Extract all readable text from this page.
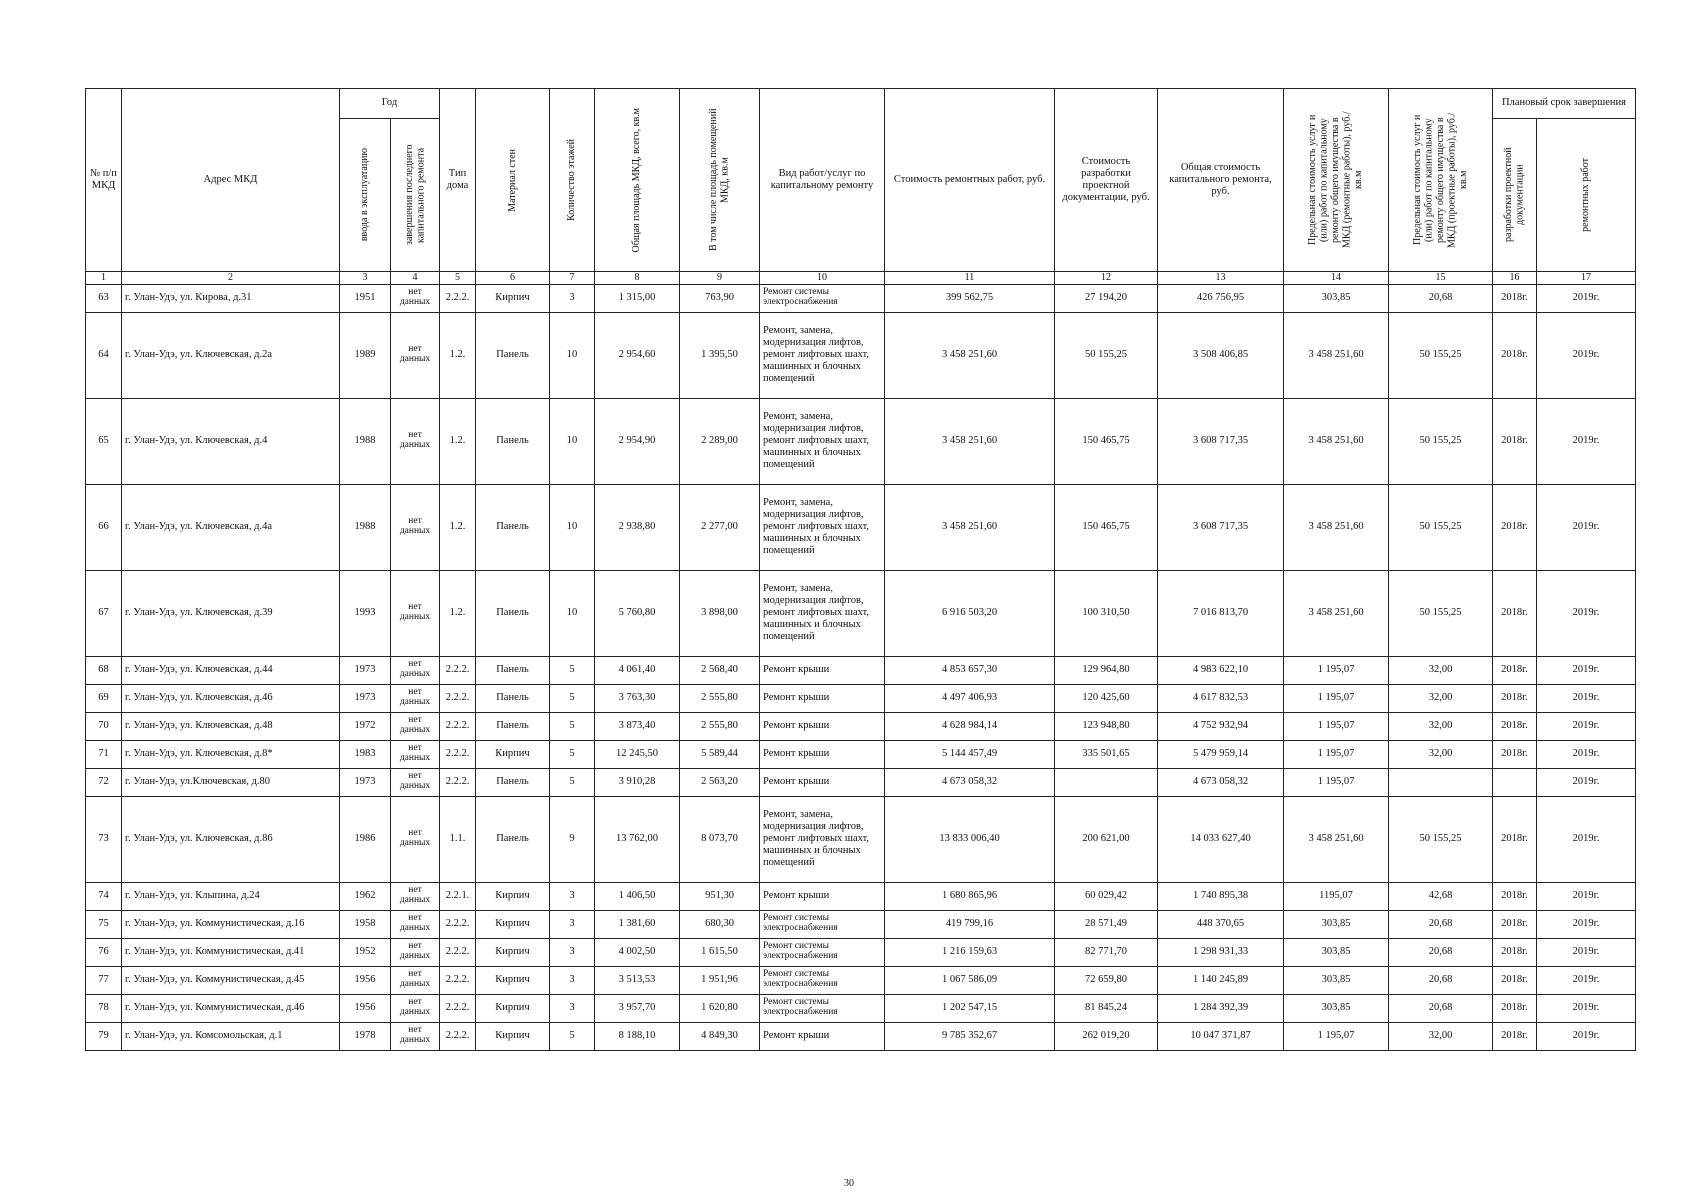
№ п/п МКД	Адрес МКД	Год		Тип дома	Материал стен	Количество этажей	Общая площадь МКД, всего, кв.м	В том числе площадь помещений МКД, кв.м	Вид работ/услуг по капитальному ремонту	Стоимость ремонтных работ, руб.	Стоимость разработки проектной документации, руб.	Общая стоимость капитального ремонта, руб.	Предельная стоимость услуг и (или) работ по капитальному ремонту общего имущества в МКД (ремонтные работы), руб./кв.м	Предельная стоимость услуг и (или) работ по капитальному ремонту общего имущества в МКД (проектные работы), руб./кв.м	Плановый срок завершения	

		ввода в эксплуатацию	завершения последнего капитального ремонта												разработки проектной документации	ремонтных работ

1	2	3	4	5	6	7	8	9	10	11	12	13	14	15	16	17
63	г. Улан-Удэ, ул. Кирова, д.31	1951	нет данных	2.2.2.	Кирпич	3	1 315,00	763,90	Ремонт системы электроснабжения	399 562,75	27 194,20	426 756,95	303,85	20,68	2018г.	2019г.
64	г. Улан-Удэ, ул. Ключевская, д.2а	1989	нет данных	1.2.	Панель	10	2 954,60	1 395,50	Ремонт, замена, модернизация лифтов, ремонт лифтовых шахт, машинных и блочных помещений	3 458 251,60	50 155,25	3 508 406,85	3 458 251,60	50 155,25	2018г.	2019г.
65	г. Улан-Удэ, ул. Ключевская, д.4	1988	нет данных	1.2.	Панель	10	2 954,90	2 289,00	Ремонт, замена, модернизация лифтов, ремонт лифтовых шахт, машинных и блочных помещений	3 458 251,60	150 465,75	3 608 717,35	3 458 251,60	50 155,25	2018г.	2019г.
66	г. Улан-Удэ, ул. Ключевская, д.4а	1988	нет данных	1.2.	Панель	10	2 938,80	2 277,00	Ремонт, замена, модернизация лифтов, ремонт лифтовых шахт, машинных и блочных помещений	3 458 251,60	150 465,75	3 608 717,35	3 458 251,60	50 155,25	2018г.	2019г.
67	г. Улан-Удэ, ул. Ключевская, д.39	1993	нет данных	1.2.	Панель	10	5 760,80	3 898,00	Ремонт, замена, модернизация лифтов, ремонт лифтовых шахт, машинных и блочных помещений	6 916 503,20	100 310,50	7 016 813,70	3 458 251,60	50 155,25	2018г.	2019г.
68	г. Улан-Удэ, ул. Ключевская, д.44	1973	нет данных	2.2.2.	Панель	5	4 061,40	2 568,40	Ремонт крыши	4 853 657,30	129 964,80	4 983 622,10	1 195,07	32,00	2018г.	2019г.
69	г. Улан-Удэ, ул. Ключевская, д.46	1973	нет данных	2.2.2.	Панель	5	3 763,30	2 555,80	Ремонт крыши	4 497 406,93	120 425,60	4 617 832,53	1 195,07	32,00	2018г.	2019г.
70	г. Улан-Удэ, ул. Ключевская, д.48	1972	нет данных	2.2.2.	Панель	5	3 873,40	2 555,80	Ремонт крыши	4 628 984,14	123 948,80	4 752 932,94	1 195,07	32,00	2018г.	2019г.
71	г. Улан-Удэ, ул. Ключевская, д.8*	1983	нет данных	2.2.2.	Кирпич	5	12 245,50	5 589,44	Ремонт крыши	5 144 457,49	335 501,65	5 479 959,14	1 195,07	32,00	2018г.	2019г.
72	г. Улан-Удэ, ул.Ключевская, д.80	1973	нет данных	2.2.2.	Панель	5	3 910,28	2 563,20	Ремонт крыши	4 673 058,32		4 673 058,32	1 195,07			2019г.
73	г. Улан-Удэ, ул. Ключевская, д.86	1986	нет данных	1.1.	Панель	9	13 762,00	8 073,70	Ремонт, замена, модернизация лифтов, ремонт лифтовых шахт, машинных и блочных помещений	13 833 006,40	200 621,00	14 033 627,40	3 458 251,60	50 155,25	2018г.	2019г.
74	г. Улан-Удэ, ул. Клыпина, д.24	1962	нет данных	2.2.1.	Кирпич	3	1 406,50	951,30	Ремонт крыши	1 680 865,96	60 029,42	1 740 895,38	1195,07	42,68	2018г.	2019г.
75	г. Улан-Удэ, ул. Коммунистическая, д.16	1958	нет данных	2.2.2.	Кирпич	3	1 381,60	680,30	Ремонт системы электроснабжения	419 799,16	28 571,49	448 370,65	303,85	20,68	2018г.	2019г.
76	г. Улан-Удэ, ул. Коммунистическая, д.41	1952	нет данных	2.2.2.	Кирпич	3	4 002,50	1 615,50	Ремонт системы электроснабжения	1 216 159,63	82 771,70	1 298 931,33	303,85	20,68	2018г.	2019г.
77	г. Улан-Удэ, ул. Коммунистическая, д.45	1956	нет данных	2.2.2.	Кирпич	3	3 513,53	1 951,96	Ремонт системы электроснабжения	1 067 586,09	72 659,80	1 140 245,89	303,85	20,68	2018г.	2019г.
78	г. Улан-Удэ, ул. Коммунистическая, д.46	1956	нет данных	2.2.2.	Кирпич	3	3 957,70	1 620,80	Ремонт системы электроснабжения	1 202 547,15	81 845,24	1 284 392,39	303,85	20,68	2018г.	2019г.
79	г. Улан-Удэ, ул. Комсомольская, д.1	1978	нет данных	2.2.2.	Кирпич	5	8 188,10	4 849,30	Ремонт крыши	9 785 352,67	262 019,20	10 047 371,87	1 195,07	32,00	2018г.	2019г.
30
